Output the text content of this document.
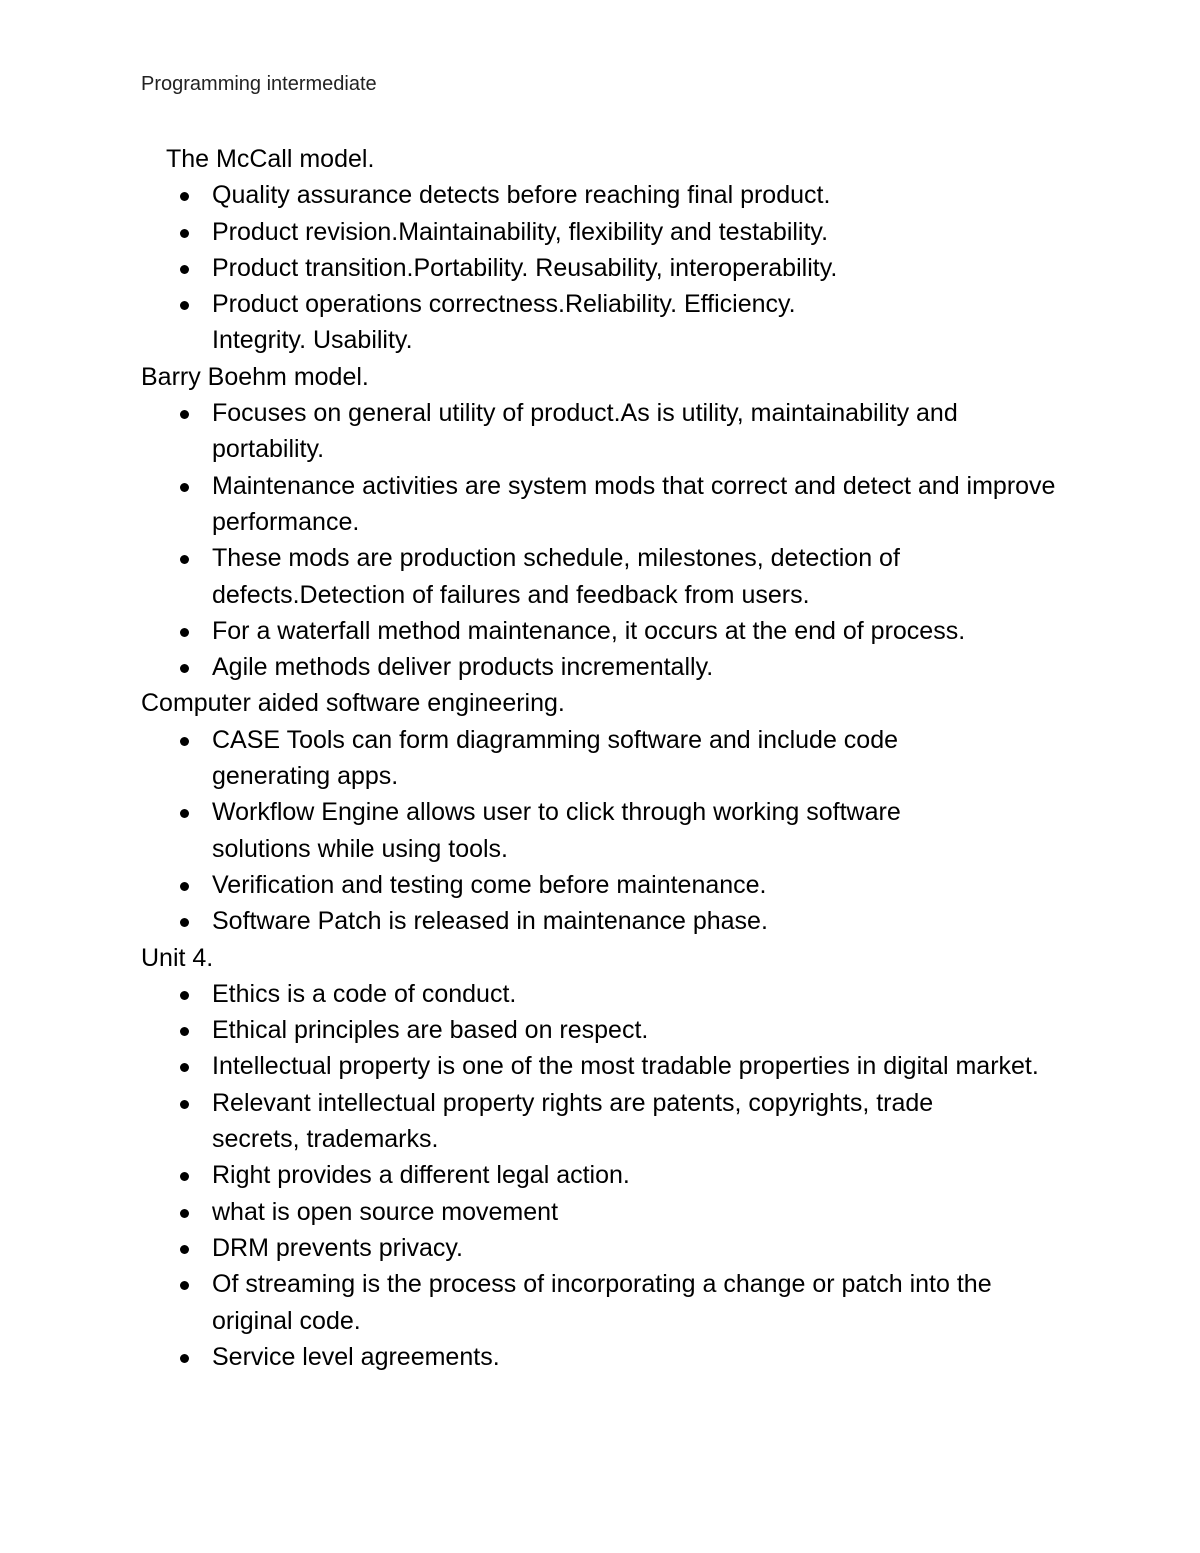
Programming intermediate

The McCall model.

Quality assurance detects before reaching final product.
Product revision.Maintainability, flexibility and testability.
Product transition.Portability. Reusability, interoperability.
Product operations correctness.Reliability. Efficiency. Integrity. Usability.

Barry Boehm model.

Focuses on general utility of product.As is utility, maintainability and portability.
Maintenance activities are system mods that correct and detect and improve performance.
These mods are production schedule, milestones, detection of defects.Detection of failures and feedback from users.
For a waterfall method maintenance, it occurs at the end of process.
Agile methods deliver products incrementally.

Computer aided software engineering.

CASE Tools can form diagramming software and include code generating apps.
Workflow Engine allows user to click through working software solutions while using tools.
Verification and testing come before maintenance.
Software Patch is released in maintenance phase.

Unit 4.

Ethics is a code of conduct.
Ethical principles are based on respect.
Intellectual property is one of the most tradable properties in digital market.
Relevant intellectual property rights are patents, copyrights, trade secrets, trademarks.
Right provides a different legal action.
what is open source movement
DRM prevents privacy.
Of streaming is the process of incorporating a change or patch into the original code.
Service level agreements.
